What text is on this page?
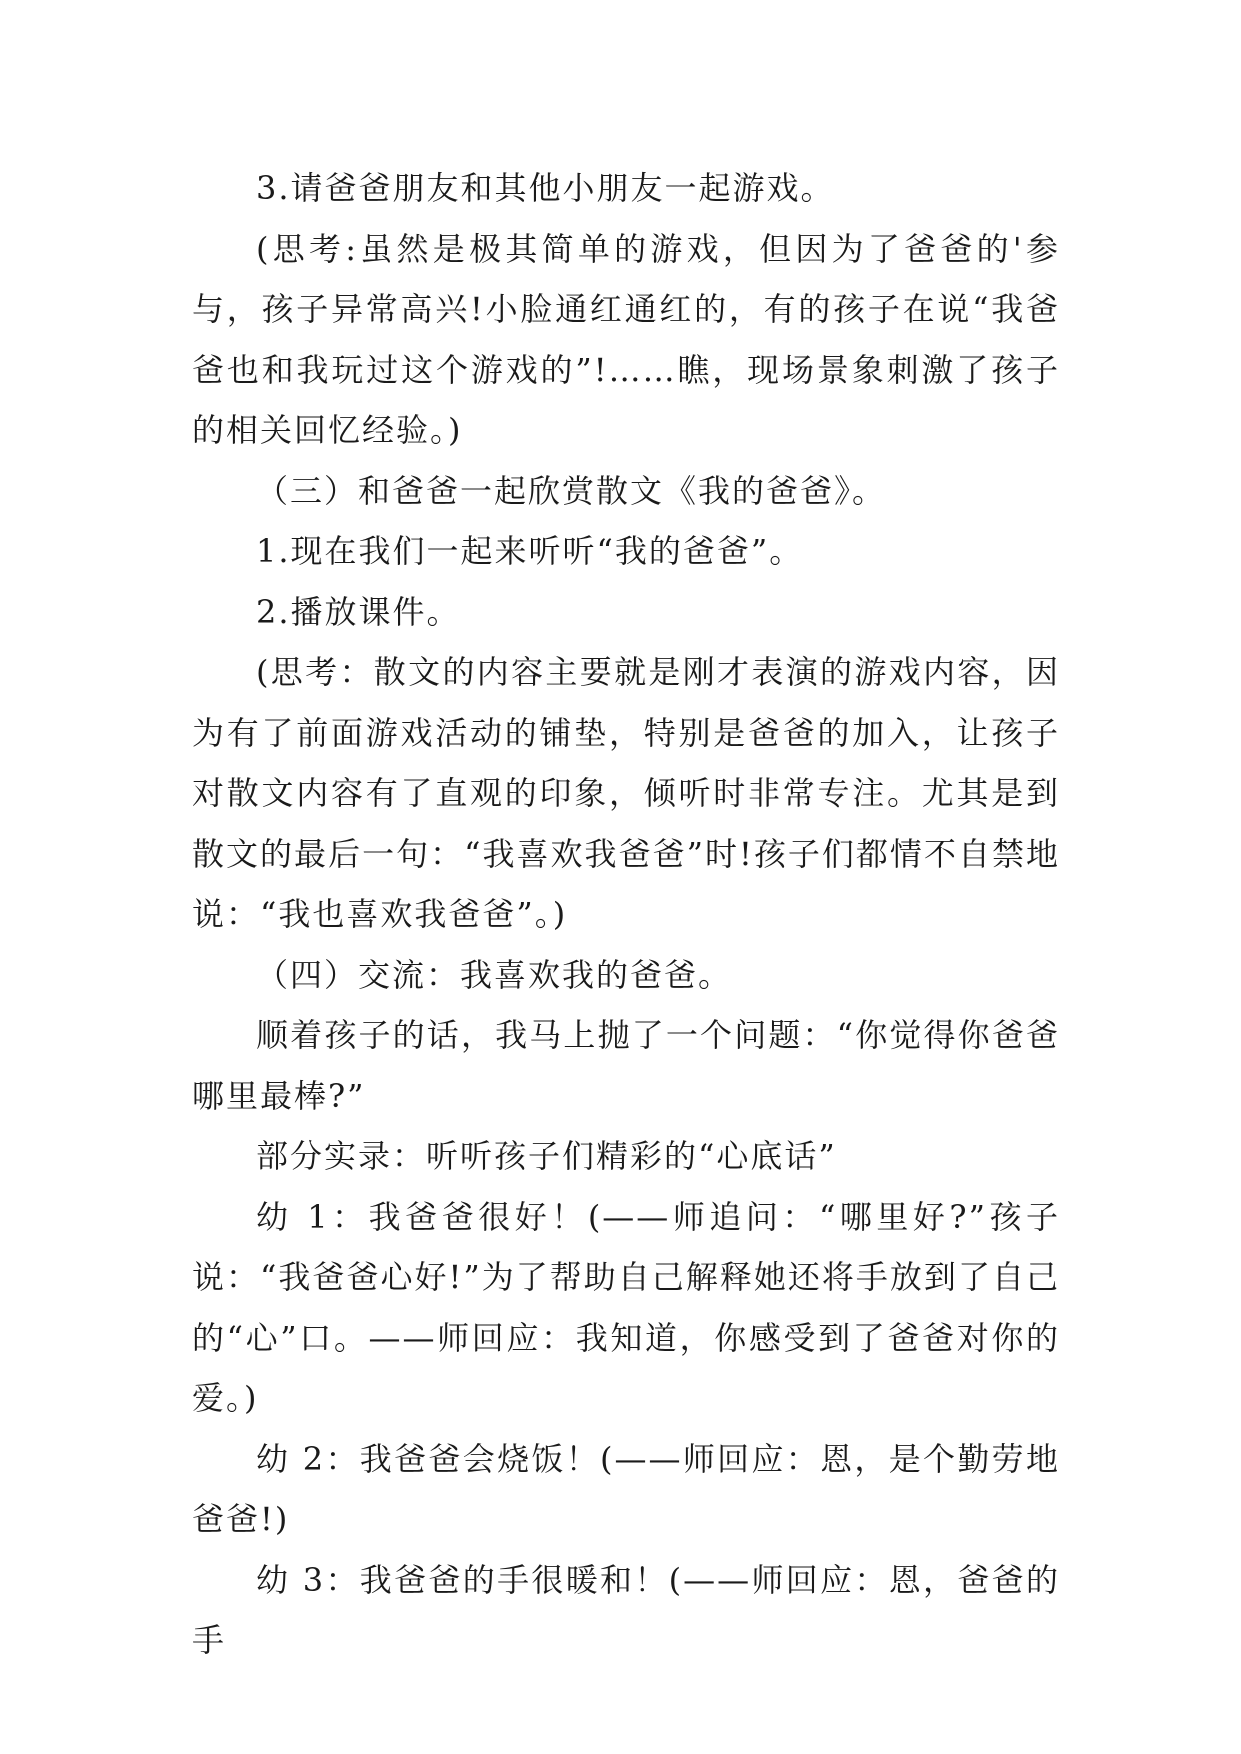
3.请爸爸朋友和其他小朋友一起游戏。

(思考:虽然是极其简单的游戏，但因为了爸爸的'参与，孩子异常高兴!小脸通红通红的，有的孩子在说“我爸爸也和我玩过这个游戏的”!……瞧，现场景象刺激了孩子的相关回忆经验。)

（三）和爸爸一起欣赏散文《我的爸爸》。

1.现在我们一起来听听“我的爸爸”。

2.播放课件。

(思考：散文的内容主要就是刚才表演的游戏内容，因为有了前面游戏活动的铺垫，特别是爸爸的加入，让孩子对散文内容有了直观的印象，倾听时非常专注。尤其是到散文的最后一句：“我喜欢我爸爸”时!孩子们都情不自禁地说：“我也喜欢我爸爸”。)

（四）交流：我喜欢我的爸爸。

顺着孩子的话，我马上抛了一个问题：“你觉得你爸爸哪里最棒?”

部分实录：听听孩子们精彩的“心底话”

幼 1：我爸爸很好！(——师追问：“哪里好?”孩子说：“我爸爸心好!”为了帮助自己解释她还将手放到了自己的“心”口。——师回应：我知道，你感受到了爸爸对你的爱。)

幼 2：我爸爸会烧饭！(——师回应：恩，是个勤劳地爸爸!)

幼 3：我爸爸的手很暖和！(——师回应：恩，爸爸的手
